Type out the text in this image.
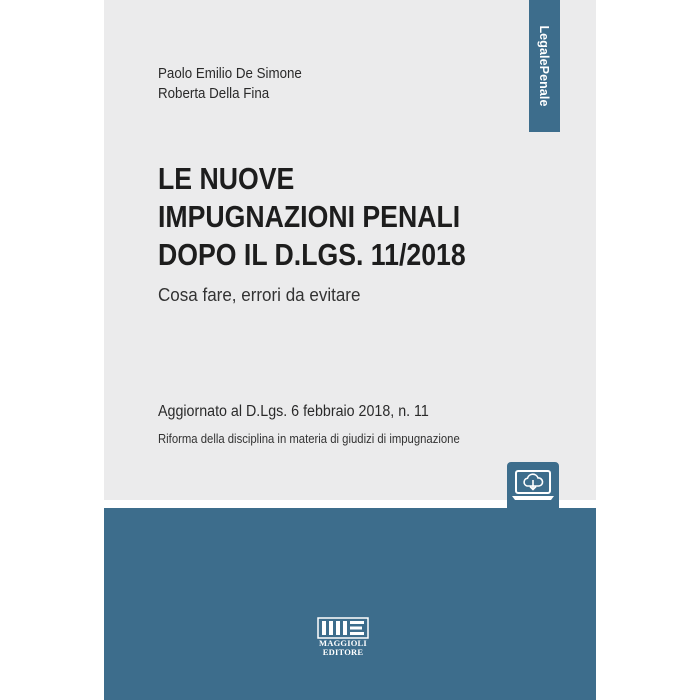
LegalePenale
Paolo Emilio De Simone
Roberta Della Fina
LE NUOVE
IMPUGNAZIONI PENALI
DOPO IL D.LGS. 11/2018
Cosa fare, errori da evitare
Aggiornato al D.Lgs. 6 febbraio 2018, n. 11
Riforma della disciplina in materia di giudizi di impugnazione
MAGGIOLI
EDITORE
